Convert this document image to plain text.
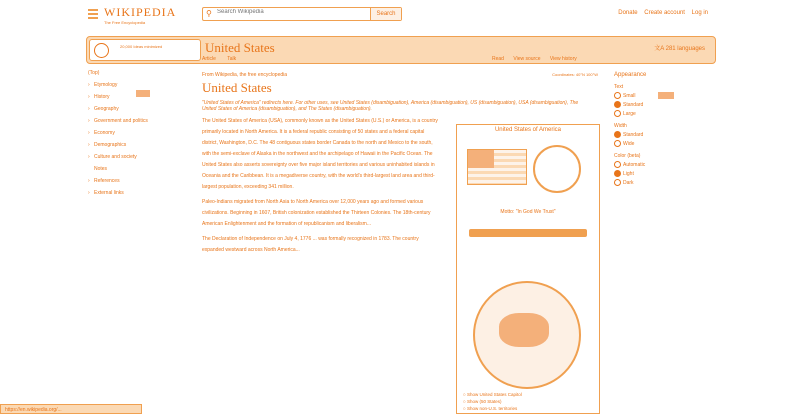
WIKIPEDIA
The Free Encyclopedia
⚲
Search Wikipedia	Search	Donate Create account Log in
20,000 Ideas minimized	United States	文A 281 languages
Article Talk	Read View source View history
(Top)
› Etymology
› History
› Geography
› Government and politics
› Economy
› Demographics
› Culture and society
Notes
› References
› External links
From Wikipedia, the free encyclopedia	Coordinates: 40°N 100°W
United States
"United States of America" redirects here. For other uses, see United States (disambiguation), America (disambiguation), US (disambiguation), USA (disambiguation), The United States of America (disambiguation), and The States (disambiguation).
The United States of America (USA), commonly known as the United States (U.S.) or America, is a country primarily located in North America. It is a federal republic consisting of 50 states and a federal capital district, Washington, D.C. The 48 contiguous states border Canada to the north and Mexico to the south, with the semi-exclave of Alaska in the northwest and the archipelago of Hawaii in the Pacific Ocean. The United States also asserts sovereignty over five major island territories and various uninhabited islands in Oceania and the Caribbean. It is a megadiverse country, with the world's third-largest land area and third-largest population, exceeding 341 million.
Paleo-Indians migrated from North Asia to North America over 12,000 years ago and formed various civilizations. Beginning in 1607, British colonization established the Thirteen Colonies. The 18th-century American Enlightenment and the formation of republicanism and liberalism...
The Declaration of Independence on July 4, 1776 ... was formally recognized in 1783. The country expanded westward across North America...
United States of America
Motto: "In God We Trust"
○ Show United States Capitol
○ Show (50 States)
○ Show non-U.S. territories
Appearance
Text
Small
Standard
Large
Width
Standard
Wide
Color (beta)
Automatic
Light
Dark
https://en.wikipedia.org/...
